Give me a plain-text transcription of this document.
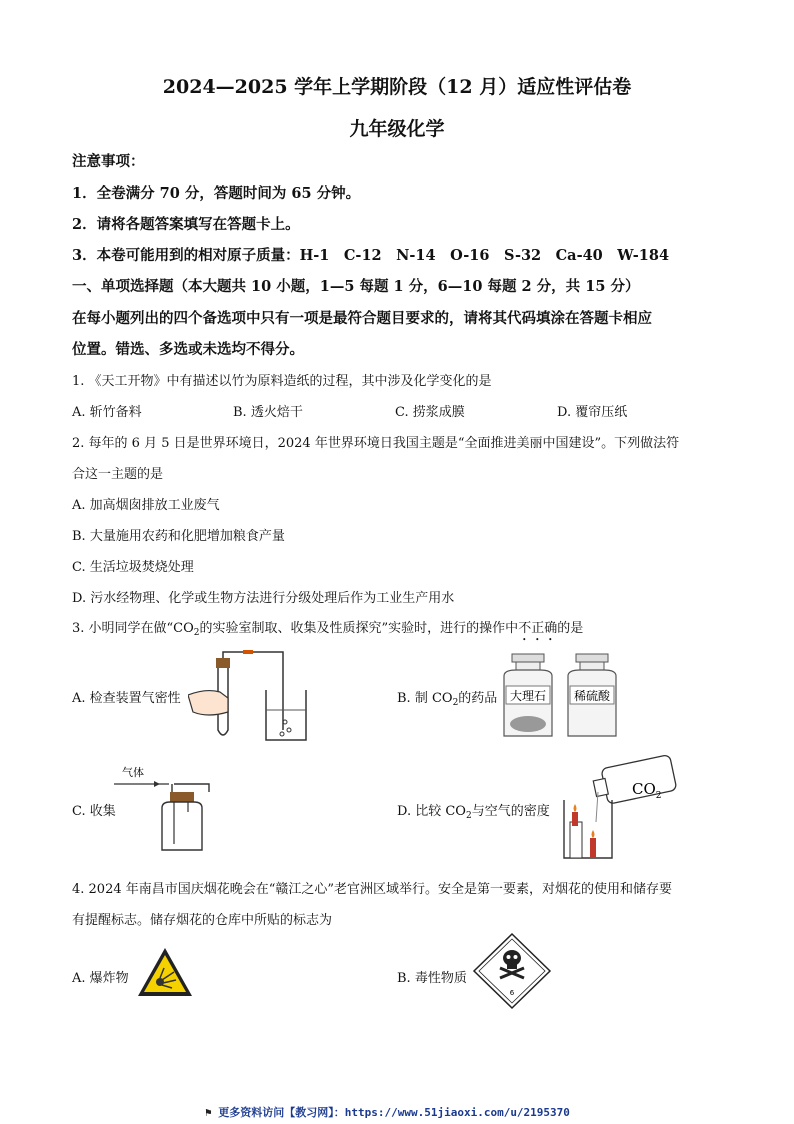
2024—2025 学年上学期阶段（12 月）适应性评估卷
九年级化学
注意事项：
1．全卷满分 70 分，答题时间为 65 分钟。
2．请将各题答案填写在答题卡上。
3．本卷可能用到的相对原子质量：H-1　C-12　N-14　O-16　S-32　Ca-40　W-184
一、单项选择题（本大题共 10 小题，1—5 每题 1 分，6—10 每题 2 分，共 15 分）
在每小题列出的四个备选项中只有一项是最符合题目要求的，请将其代码填涂在答题卡相应
位置。错选、多选或未选均不得分。
1. 《天工开物》中有描述以竹为原料造纸的过程，其中涉及化学变化的是
A. 斩竹备料	B. 透火焙干	C. 捞浆成膜	D. 覆帘压纸
2. 每年的 6 月 5 日是世界环境日，2024 年世界环境日我国主题是“全面推进美丽中国建设”。下列做法符
合这一主题的是
A. 加高烟囱排放工业废气
B. 大量施用农药和化肥增加粮食产量
C. 生活垃圾焚烧处理
D. 污水经物理、化学或生物方法进行分级处理后作为工业生产用水
3. 小明同学在做“$CO_2$的实验室制取、收集及性质探究”实验时，进行的操作中不正确的是
A. 检查装置气密性	B. 制 $CO_2$的药品 大理石 稀硫酸
C. 收集
气体
D. 比较 $CO_2$与空气的密度
$CO_2$
4. 2024 年南昌市国庆烟花晚会在“赣江之心”老官洲区域举行。安全是第一要素，对烟花的使用和储存要
有提醒标志。储存烟花的仓库中所贴的标志为
A. 爆炸物	B. 毒性物质
6
⚑ 更多资料访问【教习网】：https://www.51jiaoxi.com/u/2195370
